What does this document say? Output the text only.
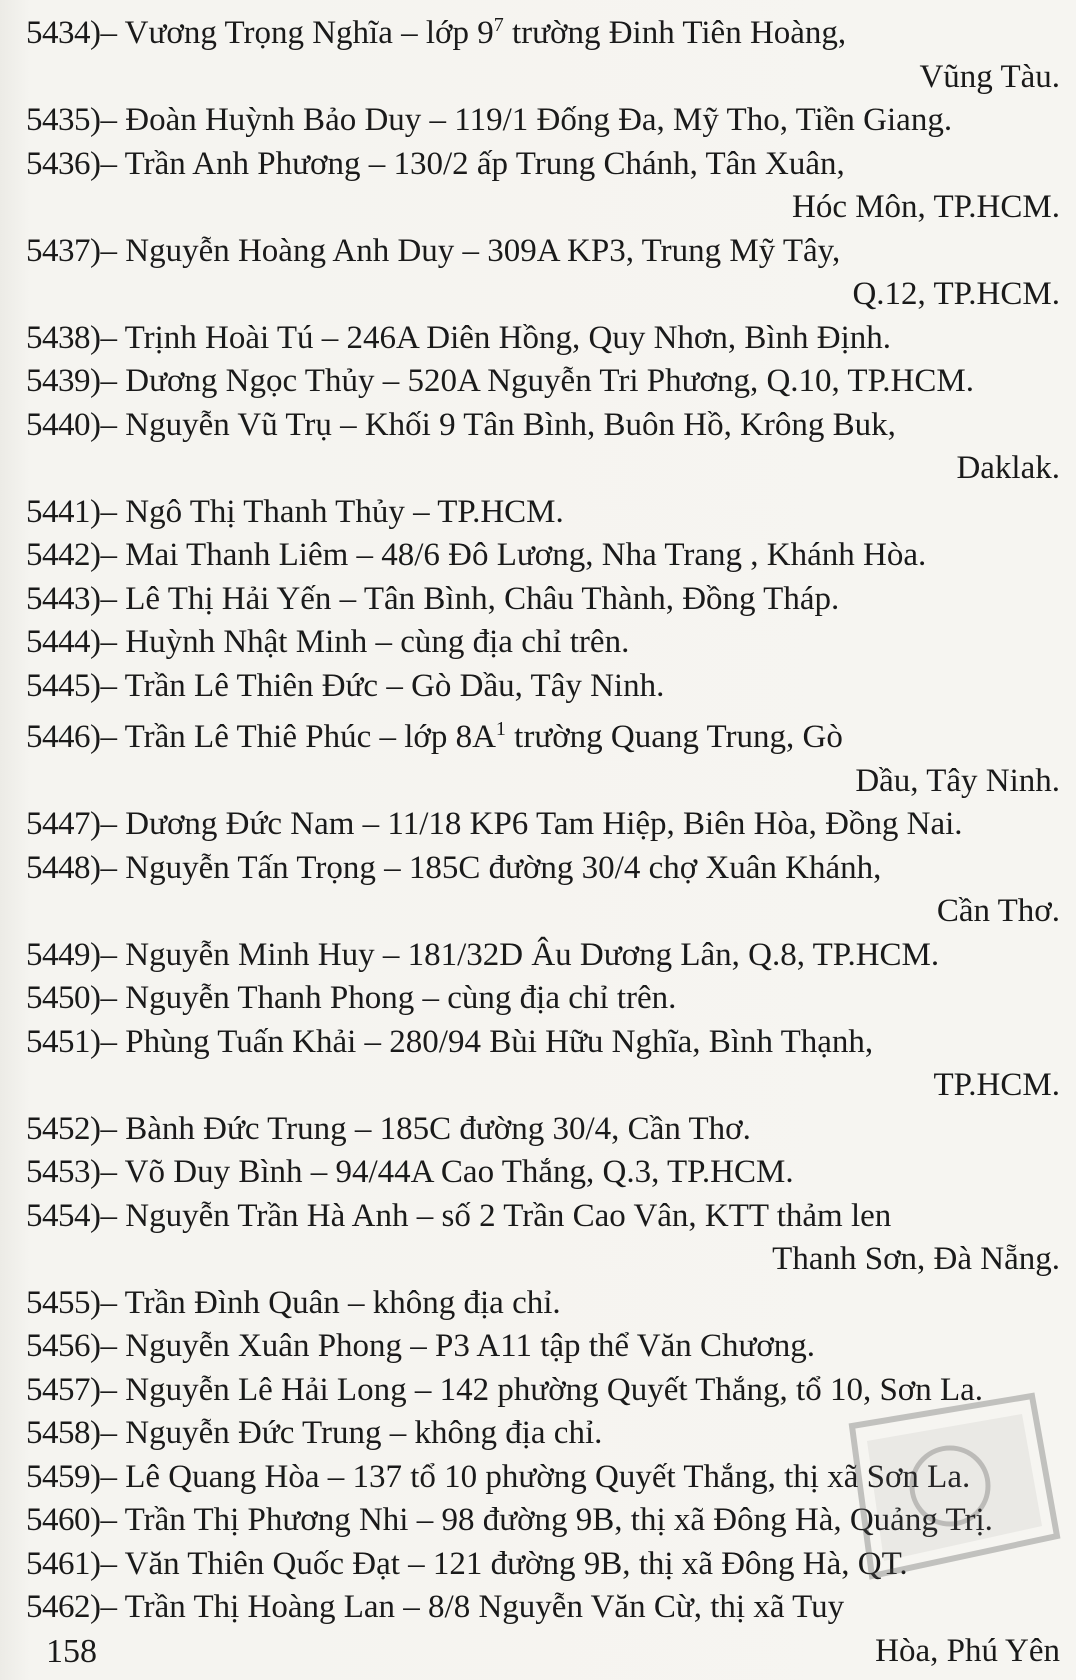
5434)– Vương Trọng Nghĩa – lớp $9^7$ trường Đinh Tiên Hoàng,
Vũng Tàu.
5435)– Đoàn Huỳnh Bảo Duy – 119/1 Đống Đa, Mỹ Tho, Tiền Giang.
5436)– Trần Anh Phương – 130/2 ấp Trung Chánh, Tân Xuân,
Hóc Môn, TP.HCM.
5437)– Nguyễn Hoàng Anh Duy – 309A KP3, Trung Mỹ Tây,
Q.12, TP.HCM.
5438)– Trịnh Hoài Tú – 246A Diên Hồng, Quy Nhơn, Bình Định.
5439)– Dương Ngọc Thủy – 520A Nguyễn Tri Phương, Q.10, TP.HCM.
5440)– Nguyễn Vũ Trụ – Khối 9 Tân Bình, Buôn Hồ, Krông Buk,
Daklak.
5441)– Ngô Thị Thanh Thủy – TP.HCM.
5442)– Mai Thanh Liêm – 48/6 Đô Lương, Nha Trang , Khánh Hòa.
5443)– Lê Thị Hải Yến – Tân Bình, Châu Thành, Đồng Tháp.
5444)– Huỳnh Nhật Minh – cùng địa chỉ trên.
5445)– Trần Lê Thiên Đức – Gò Dầu, Tây Ninh.
5446)– Trần Lê Thiê Phúc – lớp $8A^1$ trường Quang Trung, Gò
Dầu, Tây Ninh.
5447)– Dương Đức Nam – 11/18 KP6 Tam Hiệp, Biên Hòa, Đồng Nai.
5448)– Nguyễn Tấn Trọng – 185C đường 30/4 chợ Xuân Khánh,
Cần Thơ.
5449)– Nguyễn Minh Huy – 181/32D Âu Dương Lân, Q.8, TP.HCM.
5450)– Nguyễn Thanh Phong – cùng địa chỉ trên.
5451)– Phùng Tuấn Khải – 280/94 Bùi Hữu Nghĩa, Bình Thạnh,
TP.HCM.
5452)– Bành Đức Trung – 185C đường 30/4, Cần Thơ.
5453)– Võ Duy Bình – 94/44A Cao Thắng, Q.3, TP.HCM.
5454)– Nguyễn Trần Hà Anh – số 2 Trần Cao Vân, KTT thảm len
Thanh Sơn, Đà Nẵng.
5455)– Trần Đình Quân – không địa chỉ.
5456)– Nguyễn Xuân Phong – P3 A11 tập thể Văn Chương.
5457)– Nguyễn Lê Hải Long – 142 phường Quyết Thắng, tổ 10, Sơn La.
5458)– Nguyễn Đức Trung – không địa chỉ.
5459)– Lê Quang Hòa – 137 tổ 10 phường Quyết Thắng, thị xã Sơn La.
5460)– Trần Thị Phương Nhi – 98 đường 9B, thị xã Đông Hà, Quảng Trị.
5461)– Văn Thiên Quốc Đạt – 121 đường 9B, thị xã Đông Hà, QT.
5462)– Trần Thị Hoàng Lan – 8/8 Nguyễn Văn Cừ, thị xã Tuy
Hòa, Phú Yên
158
